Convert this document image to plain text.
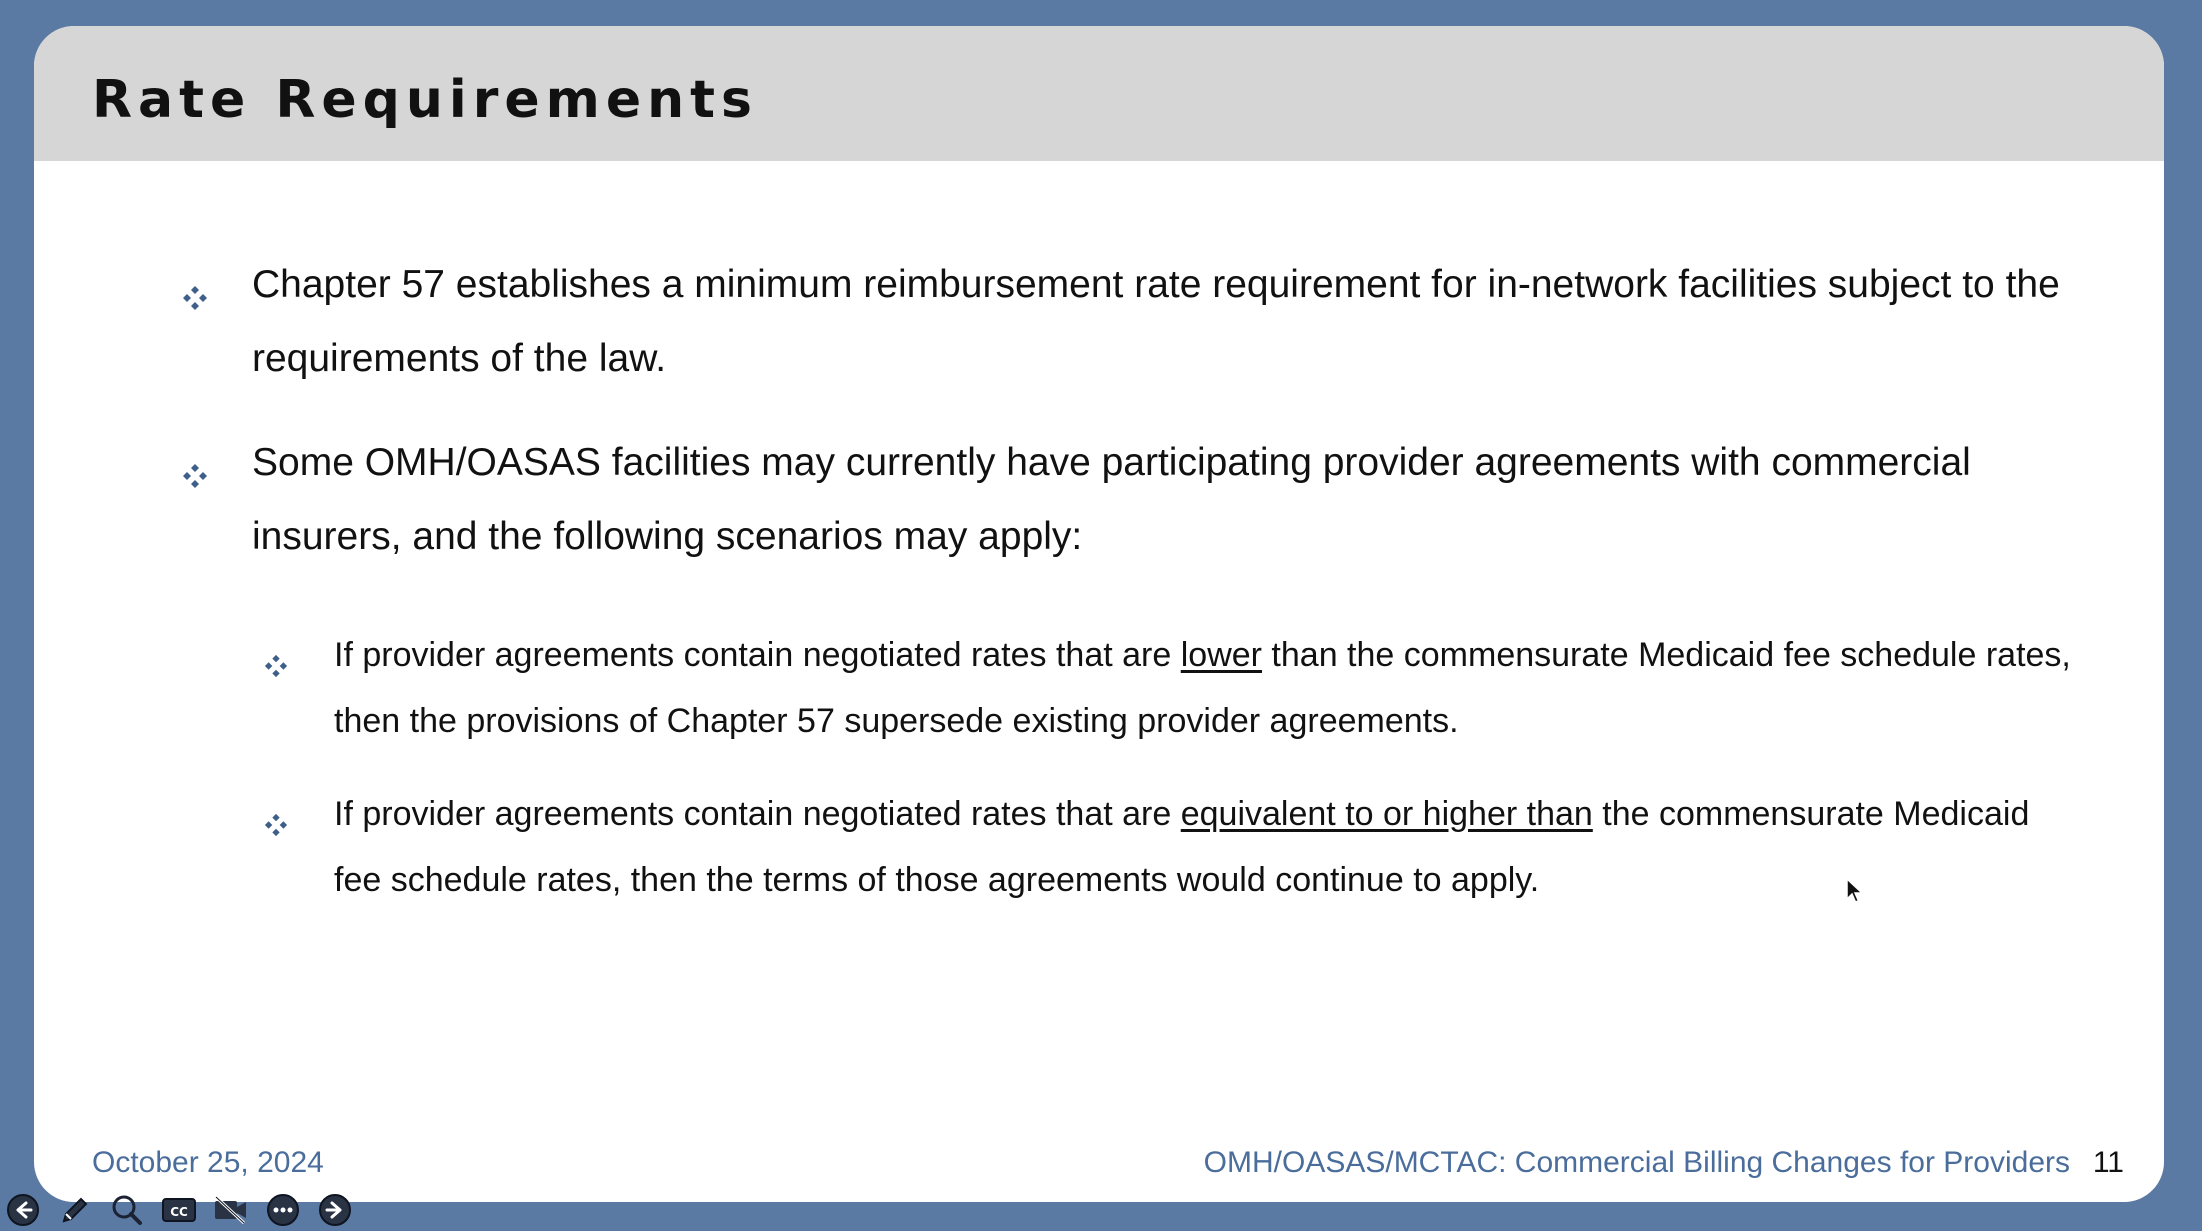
Rate Requirements
Chapter 57 establishes a minimum reimbursement rate requirement for in-network facilities subject to the requirements of the law.
Some OMH/OASAS facilities may currently have participating provider agreements with commercial insurers, and the following scenarios may apply:
If provider agreements contain negotiated rates that are lower than the commensurate Medicaid fee schedule rates, then the provisions of Chapter 57 supersede existing provider agreements.
If provider agreements contain negotiated rates that are equivalent to or higher than the commensurate Medicaid fee schedule rates, then the terms of those agreements would continue to apply.
October 25, 2024	OMH/OASAS/MCTAC: Commercial Billing Changes for Providers 11
CC
